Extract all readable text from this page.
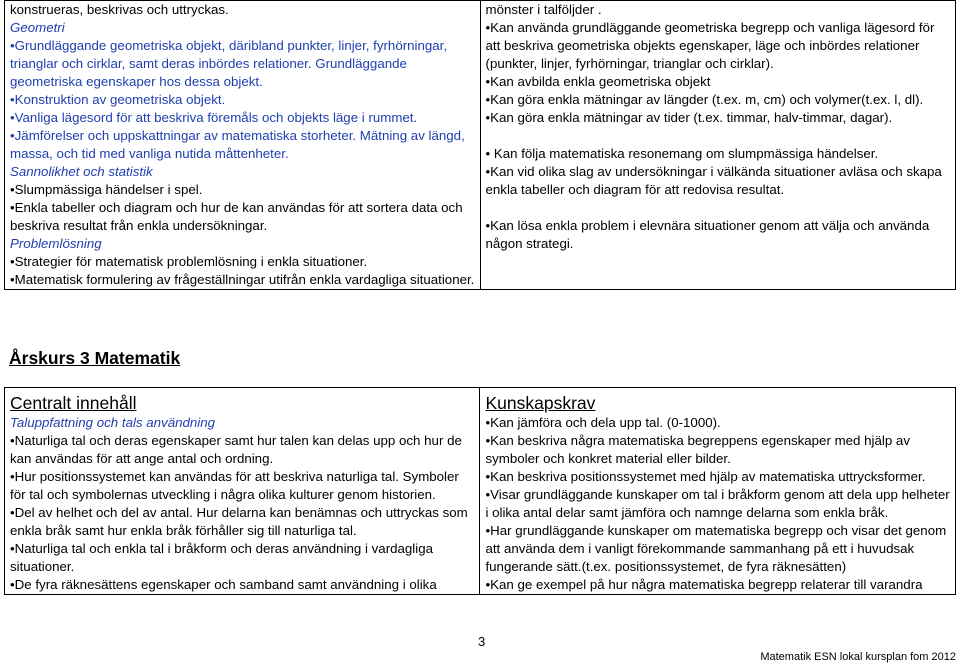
konstrueras, beskrivas och uttryckas.
Geometri
•Grundläggande geometriska objekt, däribland punkter, linjer, fyrhörningar, trianglar och cirklar, samt deras inbördes relationer. Grundläggande geometriska egenskaper hos dessa objekt.
•Konstruktion av geometriska objekt.
•Vanliga lägesord för att beskriva föremåls och objekts läge i rummet.
•Jämförelser och uppskattningar av matematiska storheter. Mätning av längd, massa, och tid med vanliga nutida måttenheter.
Sannolikhet och statistik
•Slumpmässiga händelser i spel.
•Enkla tabeller och diagram och hur de kan användas för att sortera data och beskriva resultat från enkla undersökningar.
Problemlösning
•Strategier för matematisk problemlösning i enkla situationer.
•Matematisk formulering av frågeställningar utifrån enkla vardagliga situationer.

mönster i talföljder .
•Kan använda grundläggande geometriska begrepp och vanliga lägesord för att beskriva geometriska objekts egenskaper, läge och inbördes relationer (punkter, linjer, fyrhörningar, trianglar och cirklar).
•Kan avbilda enkla geometriska objekt
•Kan göra enkla mätningar av längder (t.ex. m, cm) och volymer(t.ex. l, dl).
•Kan göra enkla mätningar av tider (t.ex. timmar, halv-timmar, dagar).
• Kan följa matematiska resonemang om slumpmässiga händelser.
•Kan vid olika slag av undersökningar i välkända situationer avläsa och skapa enkla tabeller och diagram för att redovisa resultat.
•Kan lösa enkla problem i elevnära situationer genom att välja och använda någon strategi.
Årskurs 3 Matematik
Centralt innehåll
Taluppfattning och tals användning
•Naturliga tal och deras egenskaper samt hur talen kan delas upp och hur de kan användas för att ange antal och ordning.
•Hur positionssystemet kan användas för att beskriva naturliga tal. Symboler för tal och symbolernas utveckling i några olika kulturer genom historien.
•Del av helhet och del av antal. Hur delarna kan benämnas och uttryckas som enkla bråk samt hur enkla bråk förhåller sig till naturliga tal.
•Naturliga tal och enkla tal i bråkform och deras användning i vardagliga situationer.
•De fyra räknesättens egenskaper och samband samt användning i olika

Kunskapskrav
•Kan jämföra och dela upp tal. (0-1000).
•Kan beskriva några matematiska begreppens egenskaper med hjälp av symboler och konkret material eller bilder.
•Kan beskriva positionssystemet med hjälp av matematiska uttrycksformer.
•Visar grundläggande kunskaper om tal i bråkform genom att dela upp helheter i olika antal delar samt jämföra och namnge delarna som enkla bråk.
•Har grundläggande kunskaper om matematiska begrepp och visar det genom att använda dem i vanligt förekommande sammanhang på ett i huvudsak fungerande sätt.(t.ex. positionssystemet, de fyra räknesätten)
•Kan ge exempel på hur några matematiska begrepp relaterar till varandra
3
Matematik ESN lokal kursplan fom 2012
